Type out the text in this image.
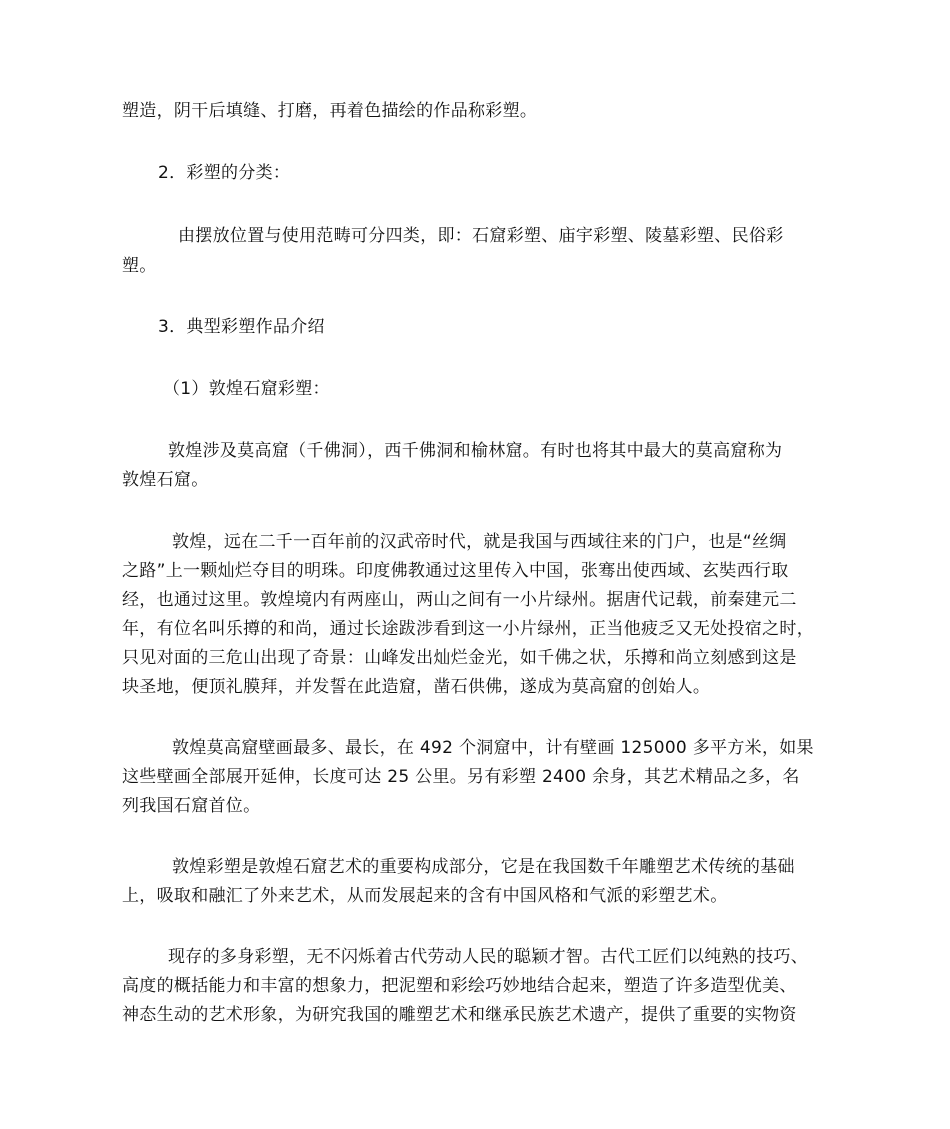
塑造，阴干后填缝、打磨，再着色描绘的作品称彩塑。
2．彩塑的分类：
由摆放位置与使用范畴可分四类，即：石窟彩塑、庙宇彩塑、陵墓彩塑、民俗彩
塑。
3．典型彩塑作品介绍
（1）敦煌石窟彩塑：
敦煌涉及莫高窟（千佛洞），西千佛洞和榆林窟。有时也将其中最大的莫高窟称为
敦煌石窟。
敦煌，远在二千一百年前的汉武帝时代，就是我国与西域往来的门户，也是“丝绸
之路”上一颗灿烂夺目的明珠。印度佛教通过这里传入中国，张骞出使西域、玄奘西行取
经，也通过这里。敦煌境内有两座山，两山之间有一小片绿州。据唐代记载，前秦建元二
年，有位名叫乐撙的和尚，通过长途跋涉看到这一小片绿州，正当他疲乏又无处投宿之时，
只见对面的三危山出现了奇景：山峰发出灿烂金光，如千佛之状，乐撙和尚立刻感到这是
块圣地，便顶礼膜拜，并发誓在此造窟，凿石供佛，遂成为莫高窟的创始人。
敦煌莫高窟壁画最多、最长，在 492 个洞窟中，计有壁画 125000 多平方米，如果
这些壁画全部展开延伸，长度可达 25 公里。另有彩塑 2400 余身，其艺术精品之多，名
列我国石窟首位。
敦煌彩塑是敦煌石窟艺术的重要构成部分，它是在我国数千年雕塑艺术传统的基础
上，吸取和融汇了外来艺术，从而发展起来的含有中国风格和气派的彩塑艺术。
现存的多身彩塑，无不闪烁着古代劳动人民的聪颖才智。古代工匠们以纯熟的技巧、
高度的概括能力和丰富的想象力，把泥塑和彩绘巧妙地结合起来，塑造了许多造型优美、
神态生动的艺术形象，为研究我国的雕塑艺术和继承民族艺术遗产，提供了重要的实物资
